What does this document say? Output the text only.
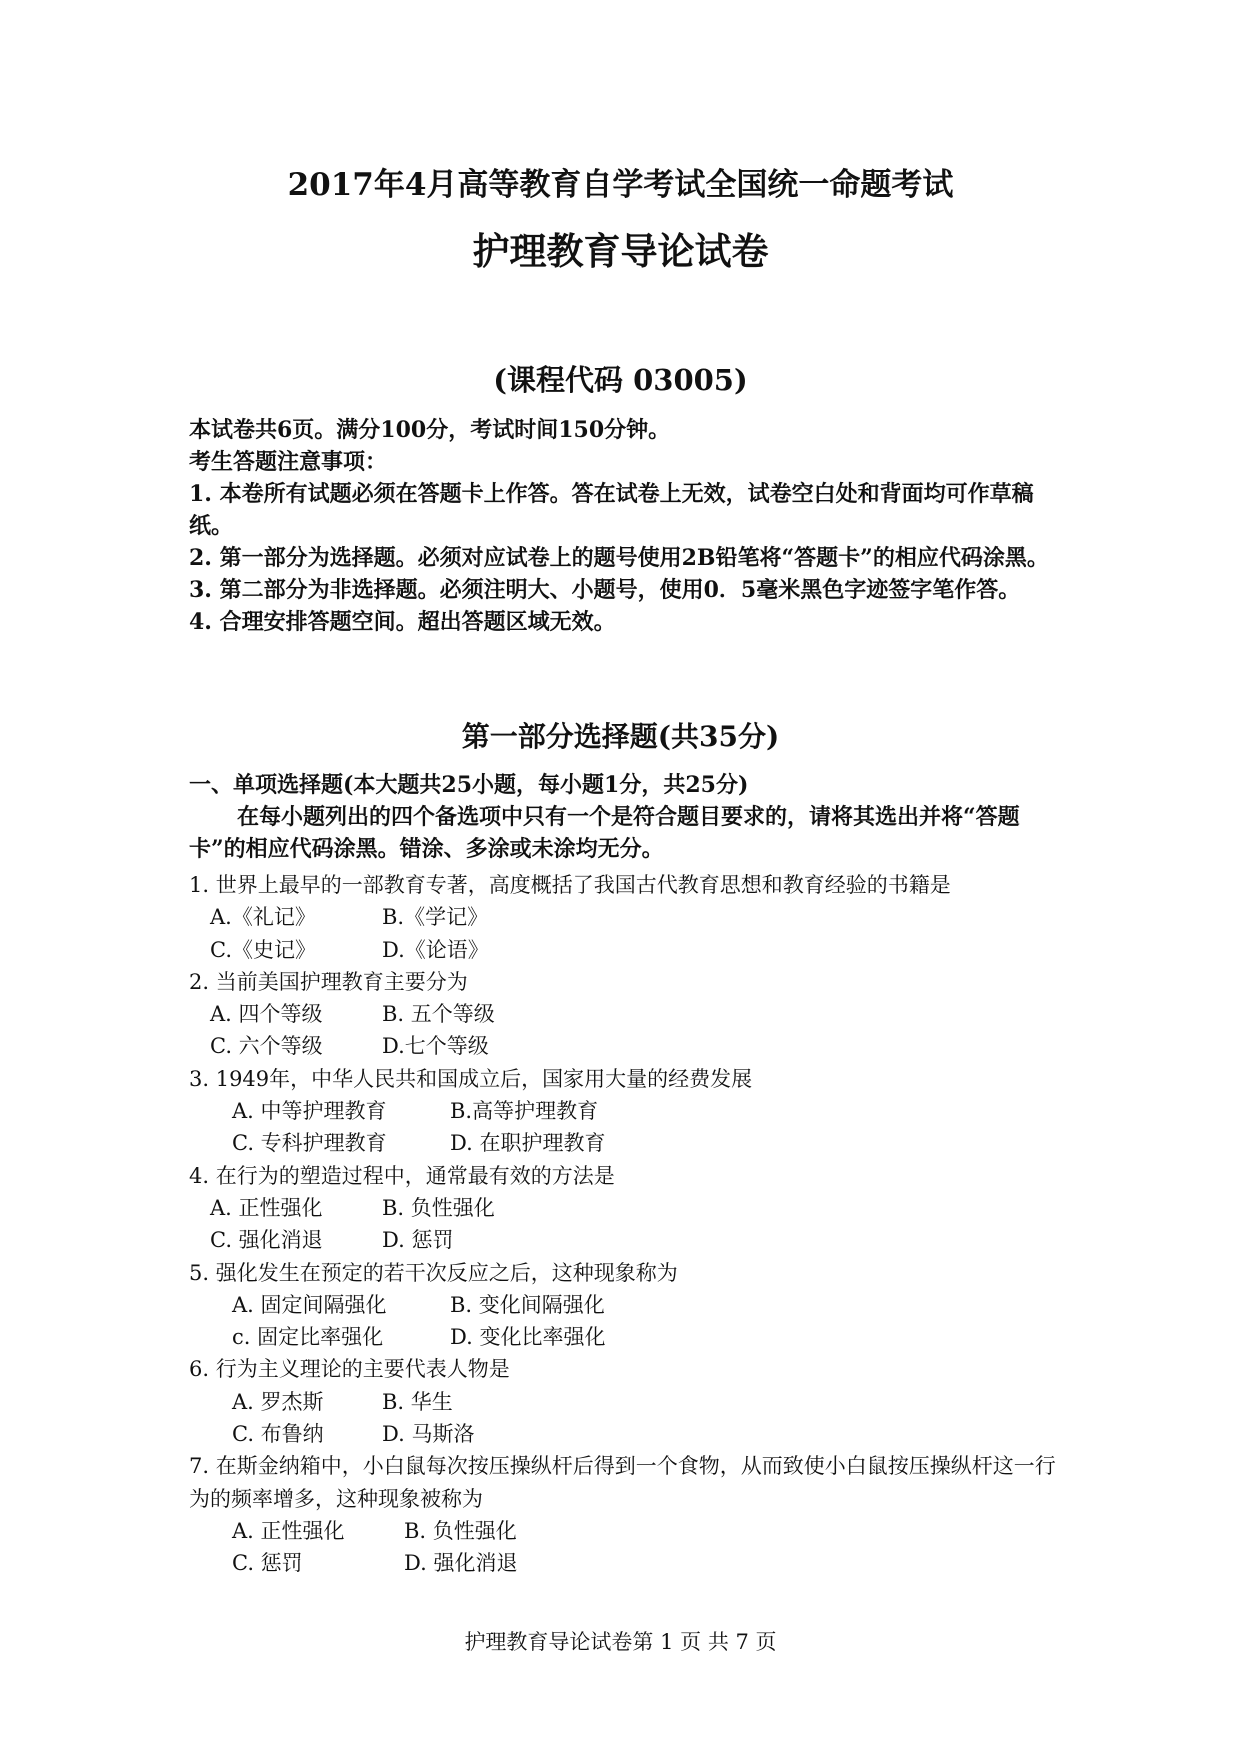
2017年4月高等教育自学考试全国统一命题考试
护理教育导论试卷
(课程代码 03005)

本试卷共6页。满分100分，考试时间150分钟。

考生答题注意事项：

1. 本卷所有试题必须在答题卡上作答。答在试卷上无效，试卷空白处和背面均可作草稿纸。

2. 第一部分为选择题。必须对应试卷上的题号使用2B铅笔将“答题卡”的相应代码涂黑。

3. 第二部分为非选择题。必须注明大、小题号，使用0．5毫米黑色字迹签字笔作答。

4. 合理安排答题空间。超出答题区域无效。

第一部分选择题(共35分)

一、单项选择题(本大题共25小题，每小题1分，共25分)

在每小题列出的四个备选项中只有一个是符合题目要求的，请将其选出并将“答题卡”的相应代码涂黑。错涂、多涂或未涂均无分。

1. 世界上最早的一部教育专著，高度概括了我国古代教育思想和教育经验的书籍是

A.《礼记》	B.《学记》
C.《史记》	D.《论语》

2. 当前美国护理教育主要分为

A. 四个等级	B. 五个等级
C. 六个等级	D.七个等级

3. 1949年，中华人民共和国成立后，国家用大量的经费发展

A. 中等护理教育	B.高等护理教育
C. 专科护理教育	D. 在职护理教育

4. 在行为的塑造过程中，通常最有效的方法是

A. 正性强化	B. 负性强化
C. 强化消退	D. 惩罚

5. 强化发生在预定的若干次反应之后，这种现象称为

A. 固定间隔强化	B. 变化间隔强化
c. 固定比率强化	D. 变化比率强化

6. 行为主义理论的主要代表人物是

A. 罗杰斯	B. 华生
C. 布鲁纳	D. 马斯洛

7. 在斯金纳箱中，小白鼠每次按压操纵杆后得到一个食物，从而致使小白鼠按压操纵杆这一行为的频率增多，这种现象被称为

A. 正性强化	B. 负性强化
C. 惩罚	D. 强化消退
护理教育导论试卷第 1 页 共 7 页
